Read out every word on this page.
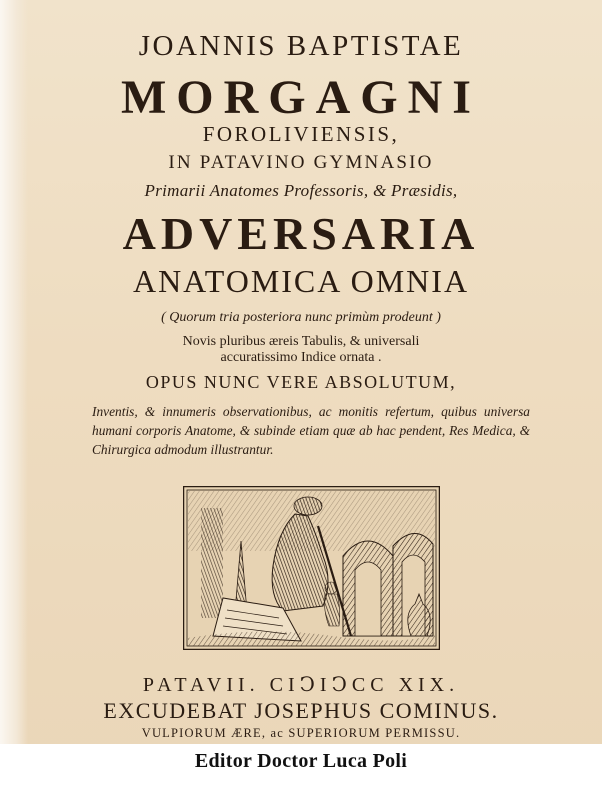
JOANNIS BAPTISTAE
MORGAGNI
FOROLIVIENSIS,
IN PATAVINO GYMNASIO
Primarii Anatomes Professoris, & Præsidis,
ADVERSARIA
ANATOMICA OMNIA
( Quorum tria posteriora nunc primùm prodeunt )
Novis pluribus æreis Tabulis, & universali
accuratissimo Indice ornata .
OPUS NUNC VERE ABSOLUTUM,
Inventis, & innumeris observationibus, ac monitis refertum, quibus universa humani corporis Anatome, & subinde etiam quæ ab hac pendent, Res Medica, & Chirurgica admodum illustrantur.
PATAVII. CIↃIↃCC XIX.
EXCUDEBAT JOSEPHUS COMINUS.
VULPIORUM ÆRE, ac SUPERIORUM PERMISSU.
Editor Doctor Luca Poli
